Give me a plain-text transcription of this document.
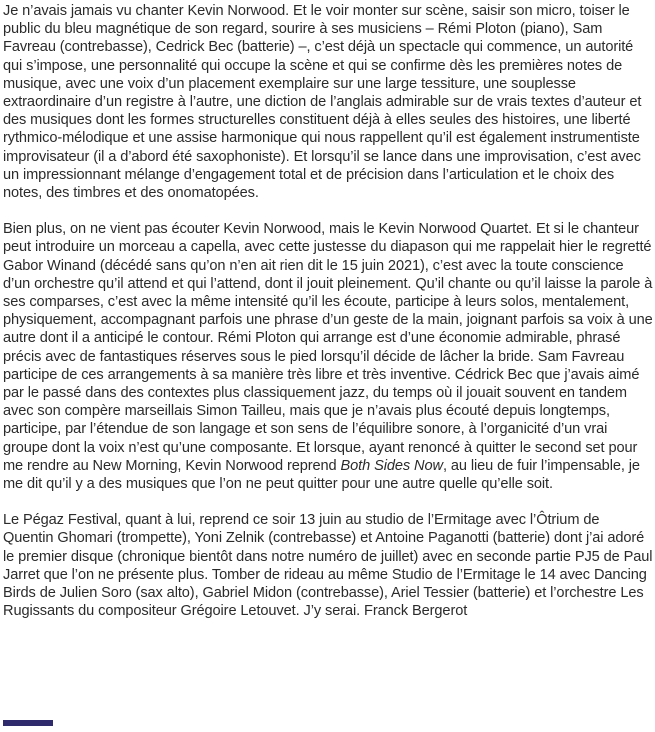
Je n’avais jamais vu chanter Kevin Norwood. Et le voir monter sur scène, saisir son micro, toiser le public du bleu magnétique de son regard, sourire à ses musiciens – Rémi Ploton (piano), Sam Favreau (contrebasse), Cedrick Bec (batterie) –, c’est déjà un spectacle qui commence, un autorité qui s’impose, une personnalité qui occupe la scène et qui se confirme dès les premières notes de musique, avec une voix d’un placement exemplaire sur une large tessiture, une souplesse extraordinaire d’un registre à l’autre, une diction de l’anglais admirable sur de vrais textes d’auteur et des musiques dont les formes structurelles constituent déjà à elles seules des histoires, une liberté rythmico-mélodique et une assise harmonique qui nous rappellent qu’il est également instrumentiste improvisateur (il a d’abord été saxophoniste). Et lorsqu’il se lance dans une improvisation, c’est avec un impressionnant mélange d’engagement total et de précision dans l’articulation et le choix des notes, des timbres et des onomatopées.

Bien plus, on ne vient pas écouter Kevin Norwood, mais le Kevin Norwood Quartet. Et si le chanteur peut introduire un morceau a capella, avec cette justesse du diapason qui me rappelait hier le regretté Gabor Winand (décédé sans qu’on n’en ait rien dit le 15 juin 2021), c’est avec la toute conscience d’un orchestre qu’il attend et qui l’attend, dont il jouit pleinement. Qu’il chante ou qu’il laisse la parole à ses comparses, c’est avec la même intensité qu’il les écoute, participe à leurs solos, mentalement, physiquement, accompagnant parfois une phrase d’un geste de la main, joignant parfois sa voix à une autre dont il a anticipé le contour. Rémi Ploton qui arrange est d’une économie admirable, phrasé précis avec de fantastiques réserves sous le pied lorsqu’il décide de lâcher la bride. Sam Favreau participe de ces arrangements à sa manière très libre et très inventive. Cédrick Bec que j’avais aimé par le passé dans des contextes plus classiquement jazz, du temps où il jouait souvent en tandem avec son compère marseillais Simon Tailleu, mais que je n’avais plus écouté depuis longtemps, participe, par l’étendue de son langage et son sens de l’équilibre sonore, à l’organicité d’un vrai groupe dont la voix n’est qu’une composante. Et lorsque, ayant renoncé à quitter le second set pour me rendre au New Morning, Kevin Norwood reprend Both Sides Now, au lieu de fuir l’impensable, je me dit qu’il y a des musiques que l’on ne peut quitter pour une autre quelle qu’elle soit.

Le Pégaz Festival, quant à lui, reprend ce soir 13 juin au studio de l’Ermitage avec l’Ôtrium de Quentin Ghomari (trompette), Yoni Zelnik (contrebasse) et Antoine Paganotti (batterie) dont j’ai adoré le premier disque (chronique bientôt dans notre numéro de juillet) avec en seconde partie PJ5 de Paul Jarret que l’on ne présente plus. Tomber de rideau au même Studio de l’Ermitage le 14 avec Dancing Birds de Julien Soro (sax alto), Gabriel Midon (contrebasse), Ariel Tessier (batterie) et l’orchestre Les Rugissants du compositeur Grégoire Letouvet. J’y serai. Franck Bergerot
